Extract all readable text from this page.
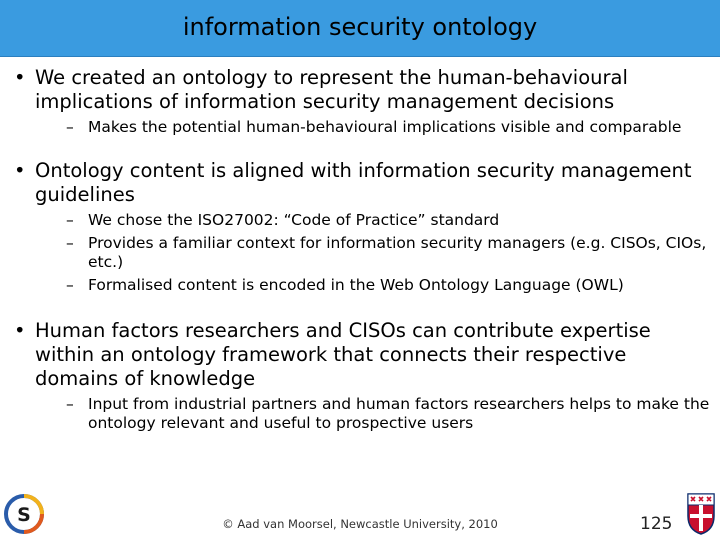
information security ontology
• We created an ontology to represent the human-behavioural implications of information security management decisions
– Makes the potential human-behavioural implications visible and comparable
• Ontology content is aligned with information security management guidelines
– We chose the ISO27002: “Code of Practice” standard
– Provides a familiar context for information security managers (e.g. CISOs, CIOs, etc.)
– Formalised content is encoded in the Web Ontology Language (OWL)
• Human factors researchers and CISOs can contribute expertise within an ontology framework that connects their respective domains of knowledge
– Input from industrial partners and human factors researchers helps to make the ontology relevant and useful to prospective users
S	© Aad van Moorsel, Newcastle University, 2010	125
